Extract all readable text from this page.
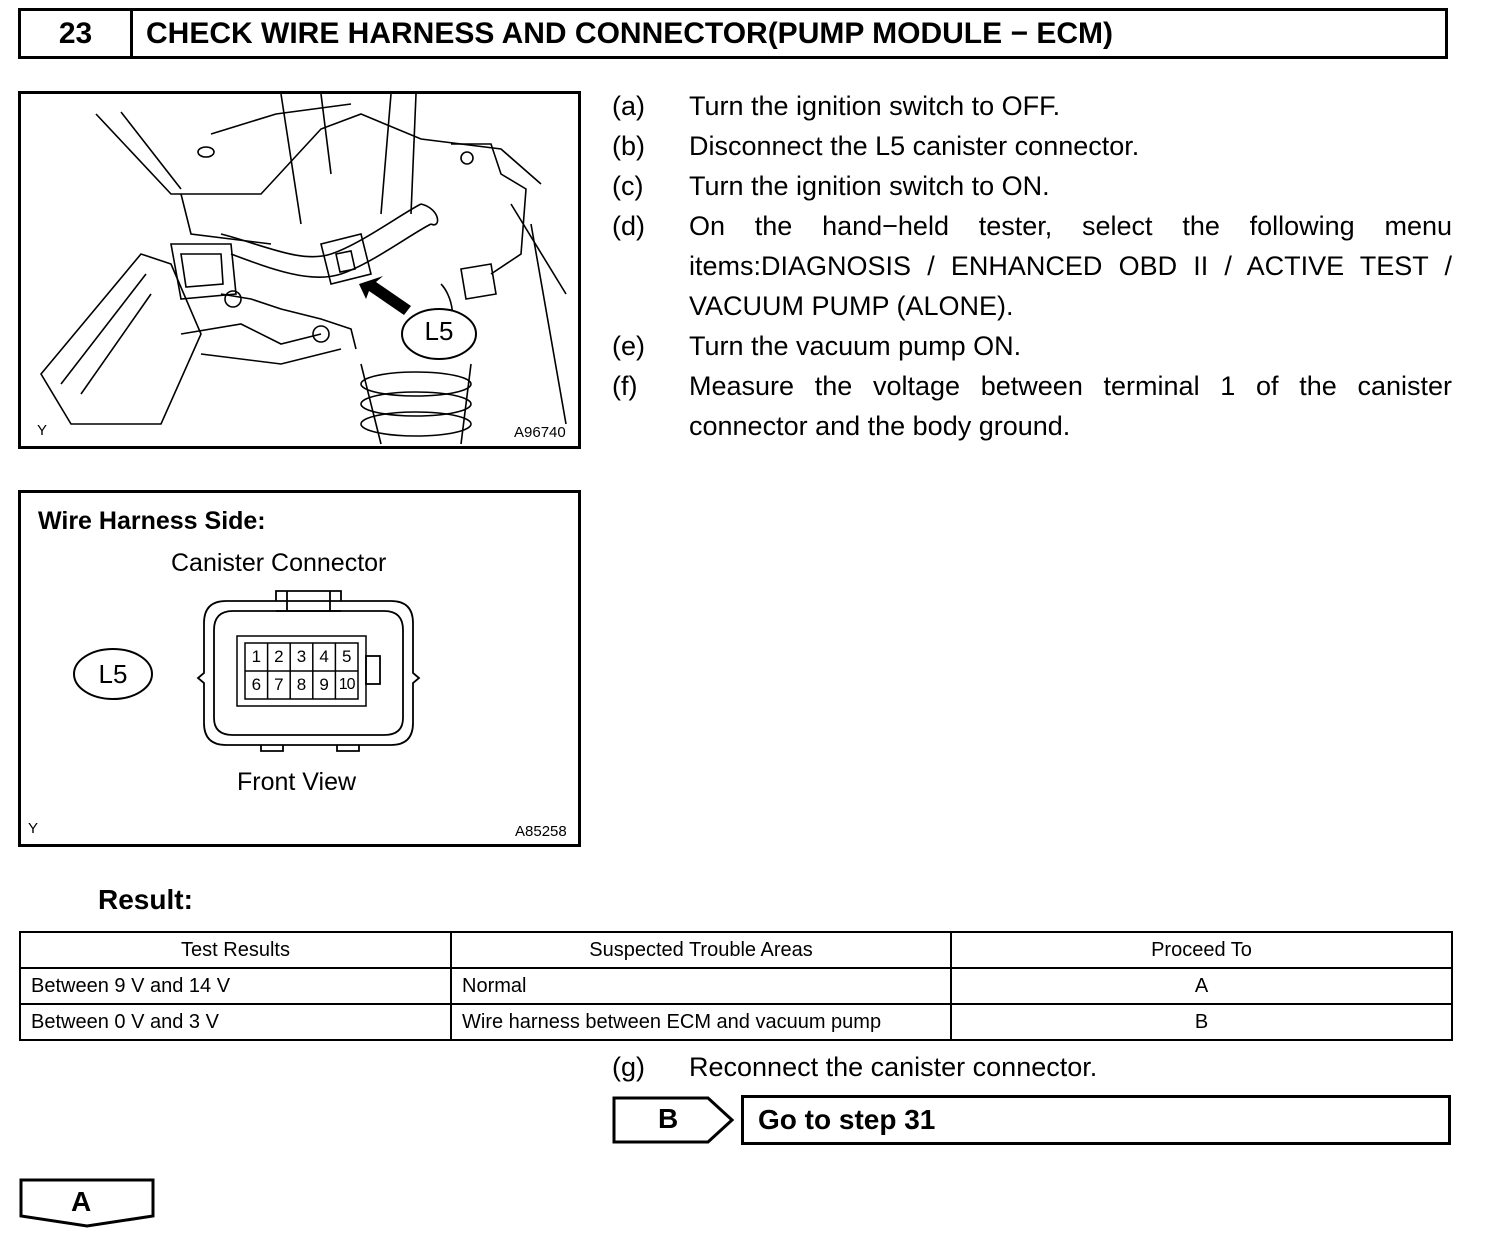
23	CHECK WIRE HARNESS AND CONNECTOR(PUMP MODULE − ECM)
L5
Y	A96740
Wire Harness Side:
Canister Connector
L5
1 2 3 4 5
6 7 8 9 10
Front View
Y	A85258
(a) Turn the ignition switch to OFF.
(b) Disconnect the L5 canister connector.
(c) Turn the ignition switch to ON.
(d) On the hand−held tester, select the following menu items:DIAGNOSIS / ENHANCED OBD II / ACTIVE TEST / VACUUM PUMP (ALONE).
(e) Turn the vacuum pump ON.
(f) Measure the voltage between terminal 1 of the canister connector and the body ground.
Result:
Test Results	Suspected Trouble Areas	Proceed To
Between 9 V and 14 V	Normal	A
Between 0 V and 3 V	Wire harness between ECM and vacuum pump	B
(g) Reconnect the canister connector.
B	Go to step 31
A
